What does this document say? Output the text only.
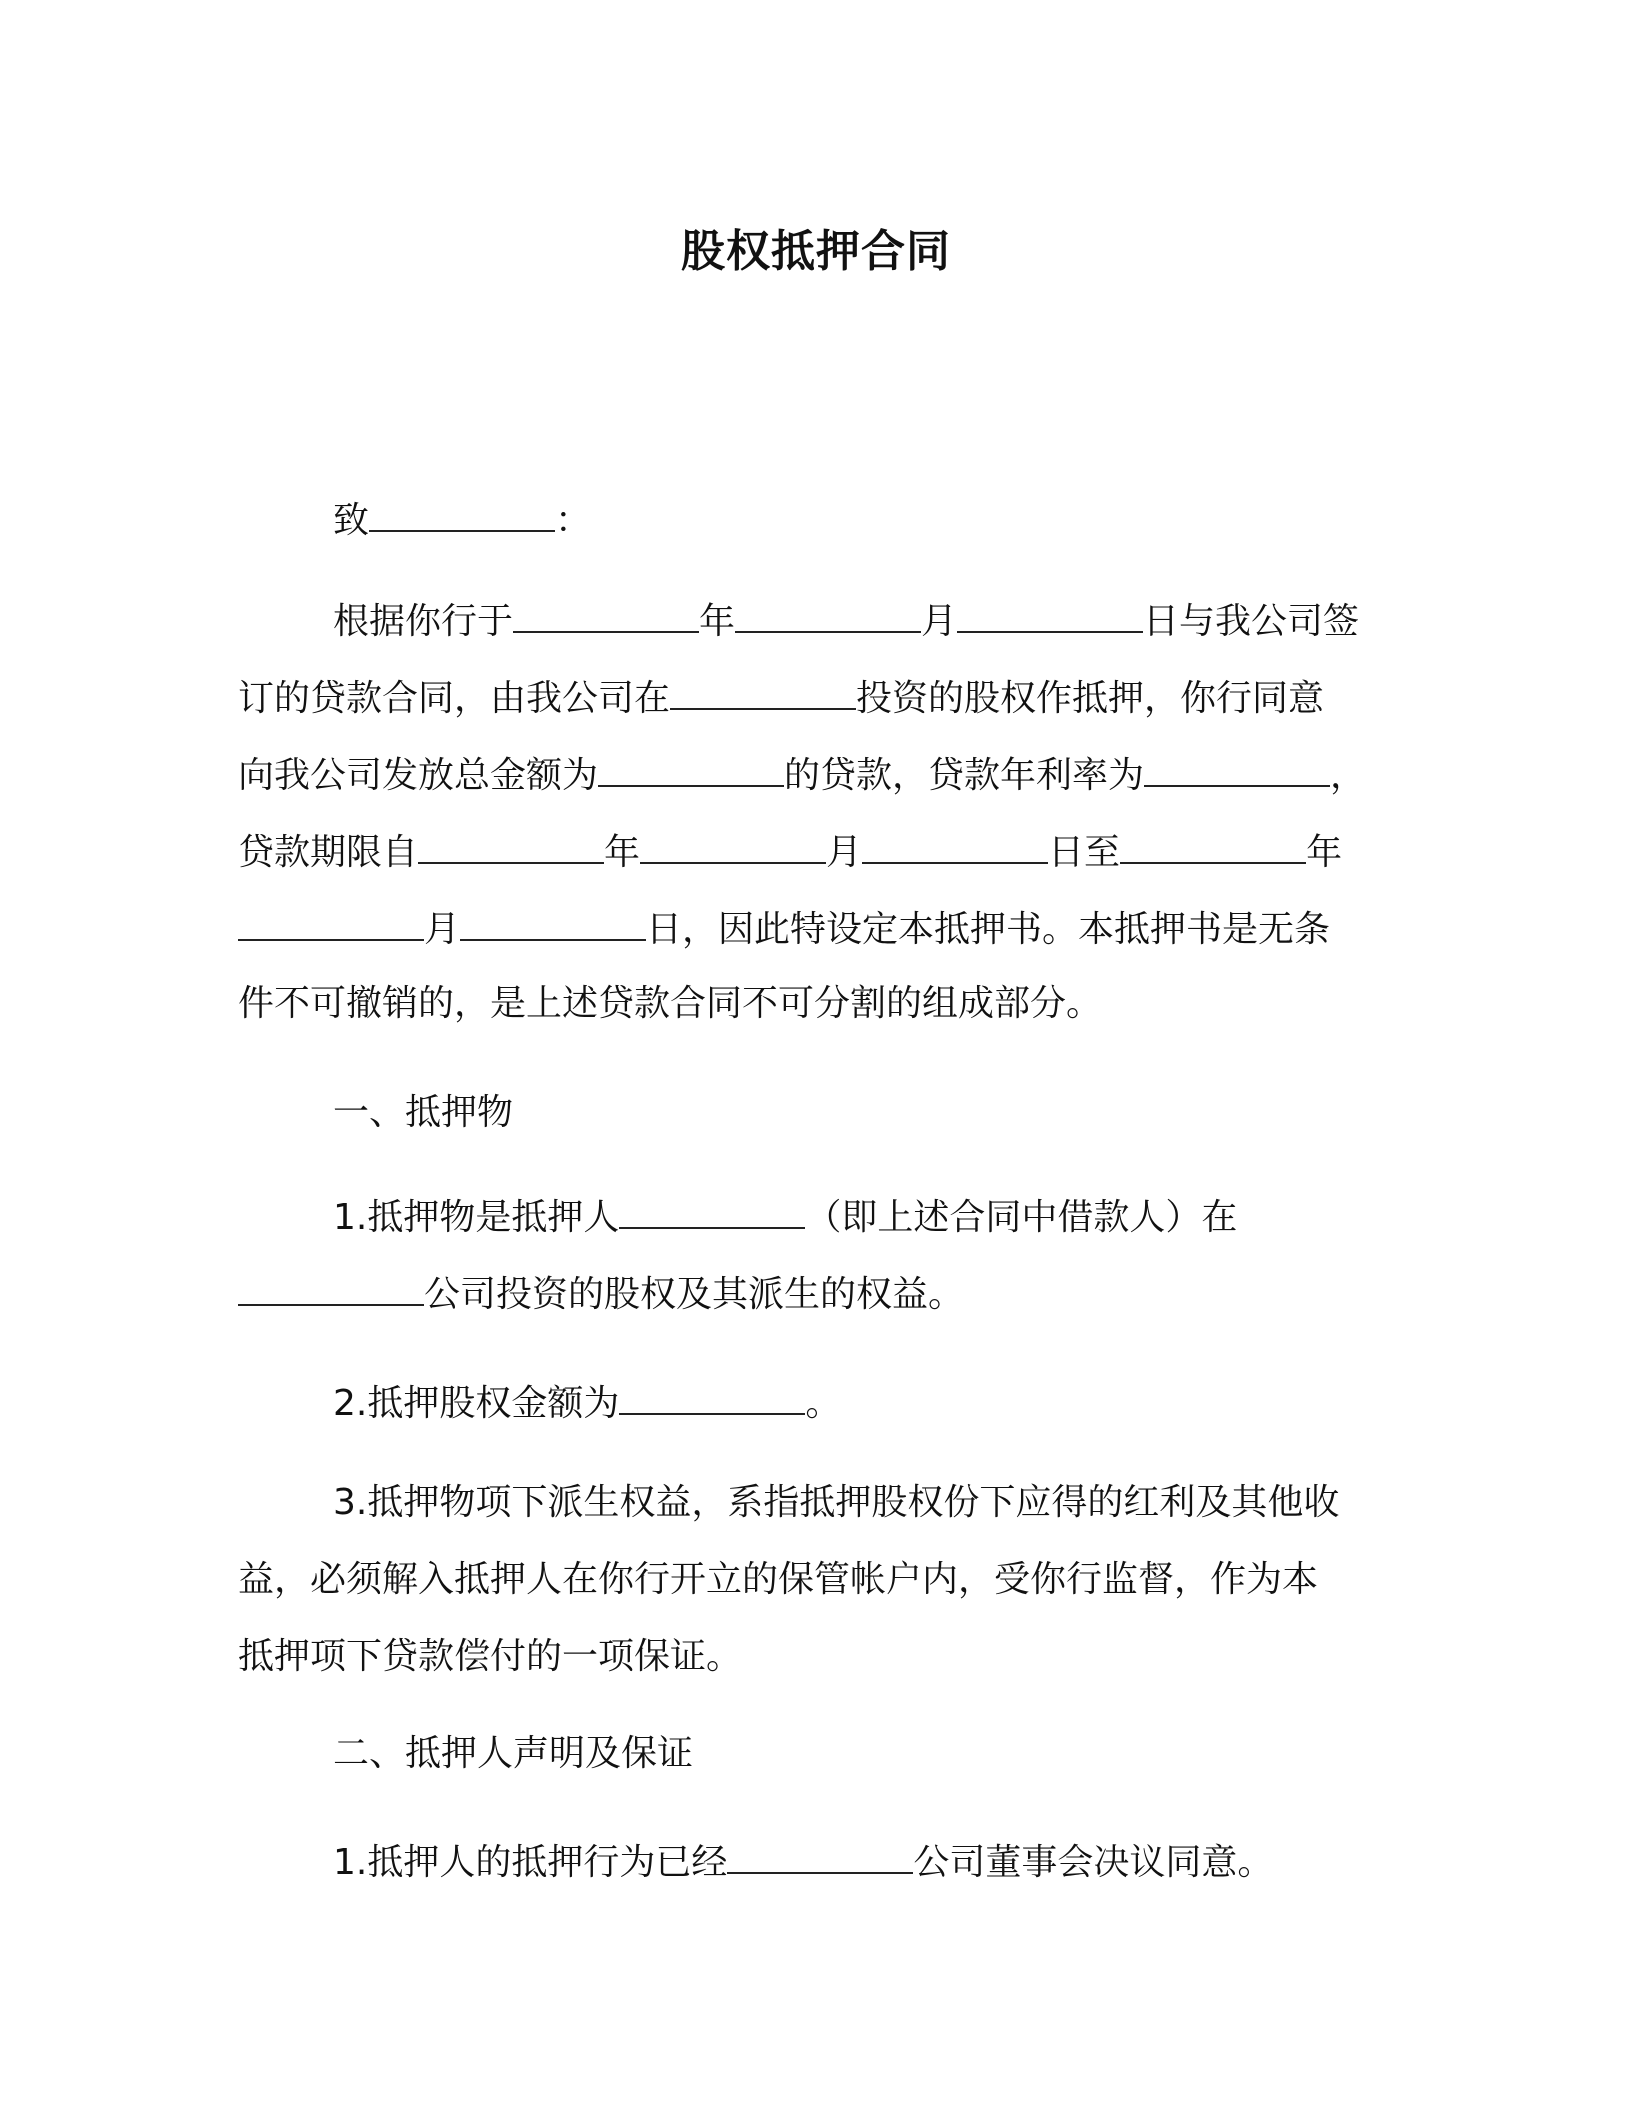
股权抵押合同
致	：
根据你行于	年	月	日与我公司签
订的贷款合同，由我公司在	投资的股权作抵押，你行同意
向我公司发放总金额为	的贷款，贷款年利率为	，
贷款期限自	年	月	日至	年
月	日，因此特设定本抵押书。本抵押书是无条
件不可撤销的，是上述贷款合同不可分割的组成部分。
一、抵押物
1.抵押物是抵押人	（即上述合同中借款人）在
公司投资的股权及其派生的权益。
2.抵押股权金额为	。
3.抵押物项下派生权益，系指抵押股权份下应得的红利及其他收
益，必须解入抵押人在你行开立的保管帐户内，受你行监督，作为本
抵押项下贷款偿付的一项保证。
二、抵押人声明及保证
1.抵押人的抵押行为已经	公司董事会决议同意。
